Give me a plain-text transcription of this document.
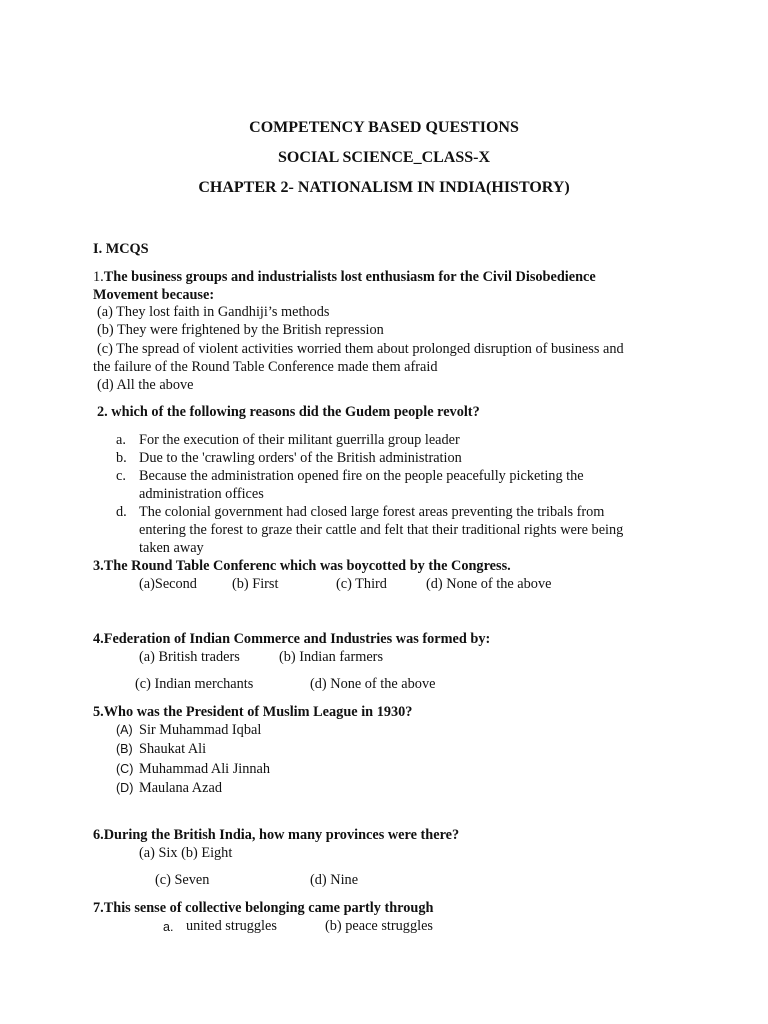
COMPETENCY BASED QUESTIONS
SOCIAL SCIENCE_CLASS-X
CHAPTER 2- NATIONALISM IN INDIA(HISTORY)
I. MCQS
1.The business groups and industrialists lost enthusiasm for the Civil Disobedience
Movement because:
(a) They lost faith in Gandhiji’s methods
(b) They were frightened by the British repression
(c) The spread of violent activities worried them about prolonged disruption of business and
the failure of the Round Table Conference made them afraid
(d) All the above
2. which of the following reasons did the Gudem people revolt?
a. For the execution of their militant guerrilla group leader
b. Due to the 'crawling orders' of the British administration
c. Because the administration opened fire on the people peacefully picketing the
administration offices
d. The colonial government had closed large forest areas preventing the tribals from
entering the forest to graze their cattle and felt that their traditional rights were being
taken away
3.The Round Table Conferenc which was boycotted by the Congress.
(a)Second (b) First	(c) Third	(d) None of the above
4.Federation of Indian Commerce and Industries was formed by:
(a) British traders	(b) Indian farmers
(c) Indian merchants	(d) None of the above
5.Who was the President of Muslim League in 1930?
(A) Sir Muhammad Iqbal
(B) Shaukat Ali
(C) Muhammad Ali Jinnah
(D) Maulana Azad
6.During the British India, how many provinces were there?
(a) Six (b) Eight
(c) Seven	(d) Nine
7.This sense of collective belonging came partly through
a. united struggles	(b) peace struggles
